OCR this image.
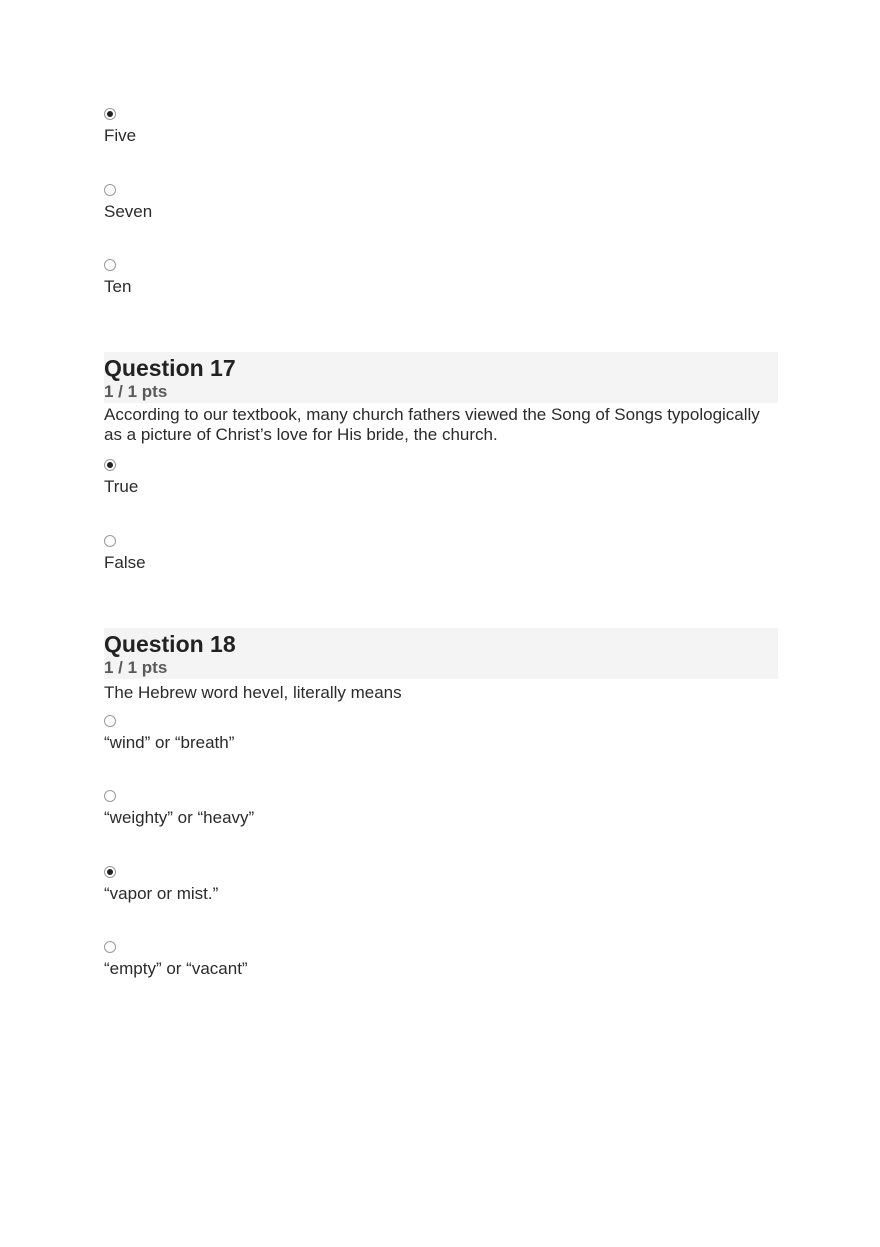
Five
Seven
Ten
Question 17
1 / 1 pts
According to our textbook, many church fathers viewed the Song of Songs typologically as a picture of Christ’s love for His bride, the church.
True
False
Question 18
1 / 1 pts
The Hebrew word hevel, literally means
“wind” or “breath”
“weighty” or “heavy”
“vapor or mist.”
“empty” or “vacant”
